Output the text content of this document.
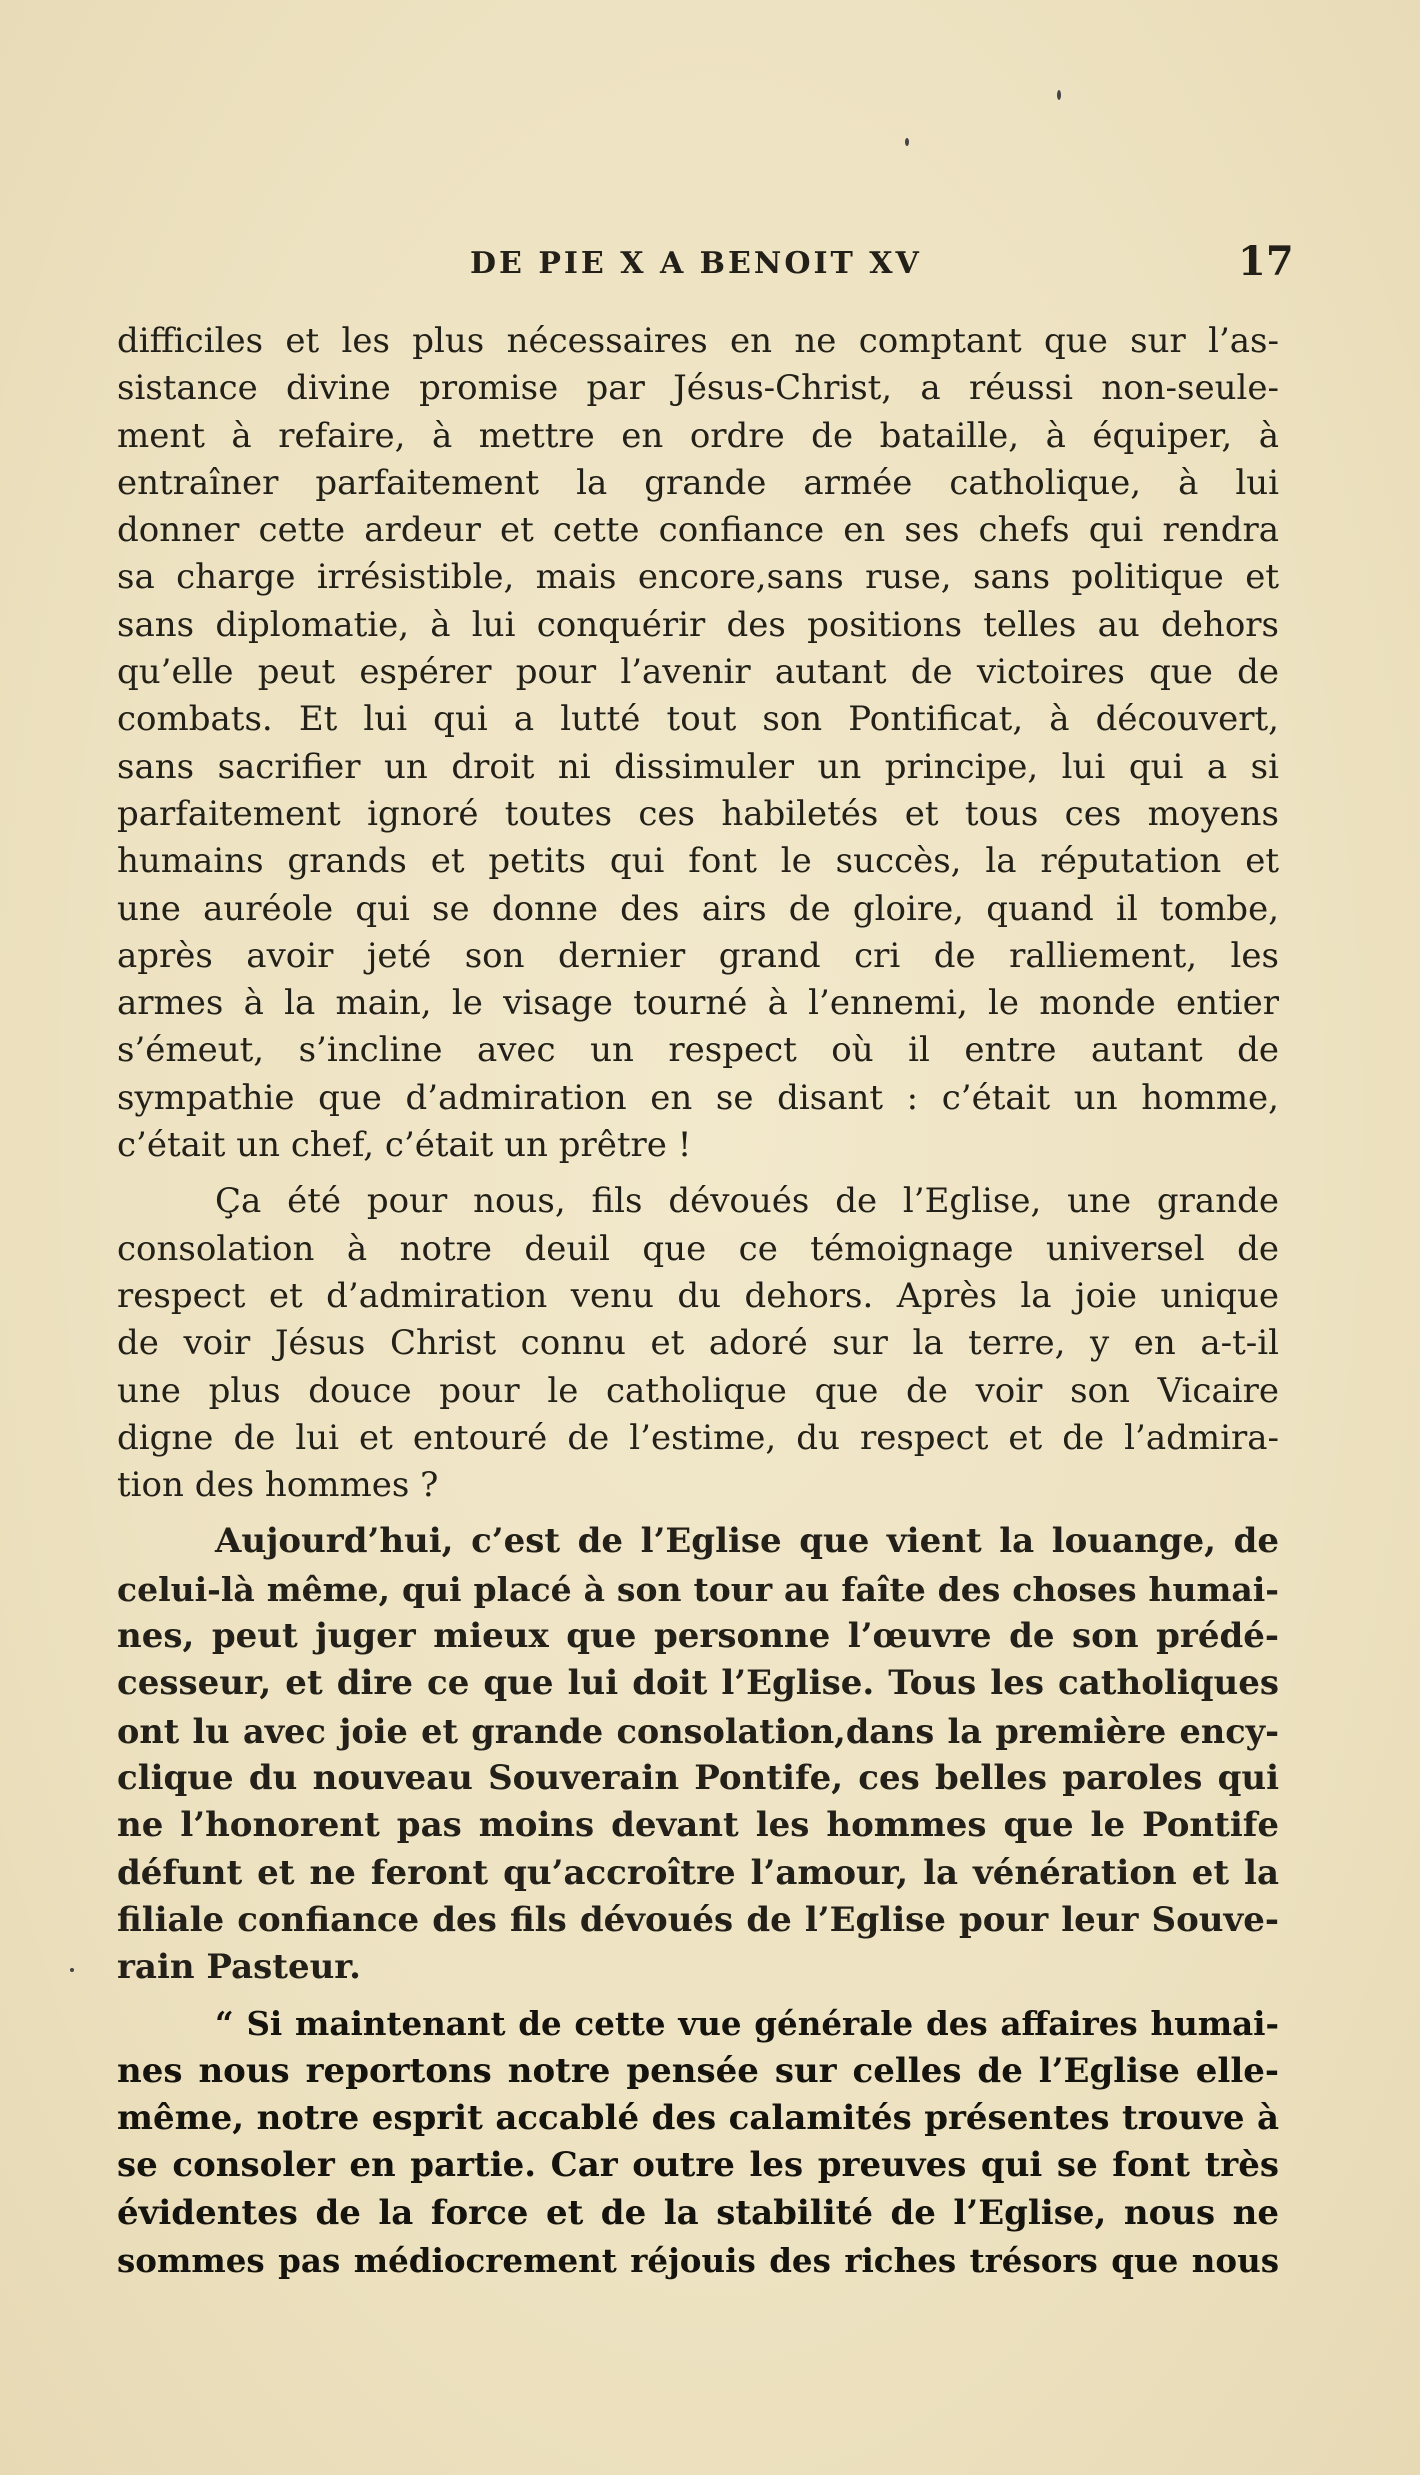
DE PIE X A BENOIT XV	17
difficiles et les plus nécessaires en ne comptant que sur l’as-
sistance divine promise par Jésus-Christ, a réussi non-seule-
ment à refaire, à mettre en ordre de bataille, à équiper, à
entraîner parfaitement la grande armée catholique, à lui
donner cette ardeur et cette confiance en ses chefs qui rendra
sa charge irrésistible, mais encore,sans ruse, sans politique et
sans diplomatie, à lui conquérir des positions telles au dehors
qu’elle peut espérer pour l’avenir autant de victoires que de
combats. Et lui qui a lutté tout son Pontificat, à découvert,
sans sacrifier un droit ni dissimuler un principe, lui qui a si
parfaitement ignoré toutes ces habiletés et tous ces moyens
humains grands et petits qui font le succès, la réputation et
une auréole qui se donne des airs de gloire, quand il tombe,
après avoir jeté son dernier grand cri de ralliement, les
armes à la main, le visage tourné à l’ennemi, le monde entier
s’émeut, s’incline avec un respect où il entre autant de
sympathie que d’admiration en se disant : c’était un homme,
c’était un chef, c’était un prêtre !
Ça été pour nous, fils dévoués de l’Eglise, une grande
consolation à notre deuil que ce témoignage universel de
respect et d’admiration venu du dehors. Après la joie unique
de voir Jésus Christ connu et adoré sur la terre, y en a-t-il
une plus douce pour le catholique que de voir son Vicaire
digne de lui et entouré de l’estime, du respect et de l’admira-
tion des hommes ?
Aujourd’hui, c’est de l’Eglise que vient la louange, de
celui-là même, qui placé à son tour au faîte des choses humai-
nes, peut juger mieux que personne l’œuvre de son prédé-
cesseur, et dire ce que lui doit l’Eglise. Tous les catholiques
ont lu avec joie et grande consolation,dans la première ency-
clique du nouveau Souverain Pontife, ces belles paroles qui
ne l’honorent pas moins devant les hommes que le Pontife
défunt et ne feront qu’accroître l’amour, la vénération et la
filiale confiance des fils dévoués de l’Eglise pour leur Souve-
rain Pasteur.
“ Si maintenant de cette vue générale des affaires humai-
nes nous reportons notre pensée sur celles de l’Eglise elle-
même, notre esprit accablé des calamités présentes trouve à
se consoler en partie. Car outre les preuves qui se font très
évidentes de la force et de la stabilité de l’Eglise, nous ne
sommes pas médiocrement réjouis des riches trésors que nous
